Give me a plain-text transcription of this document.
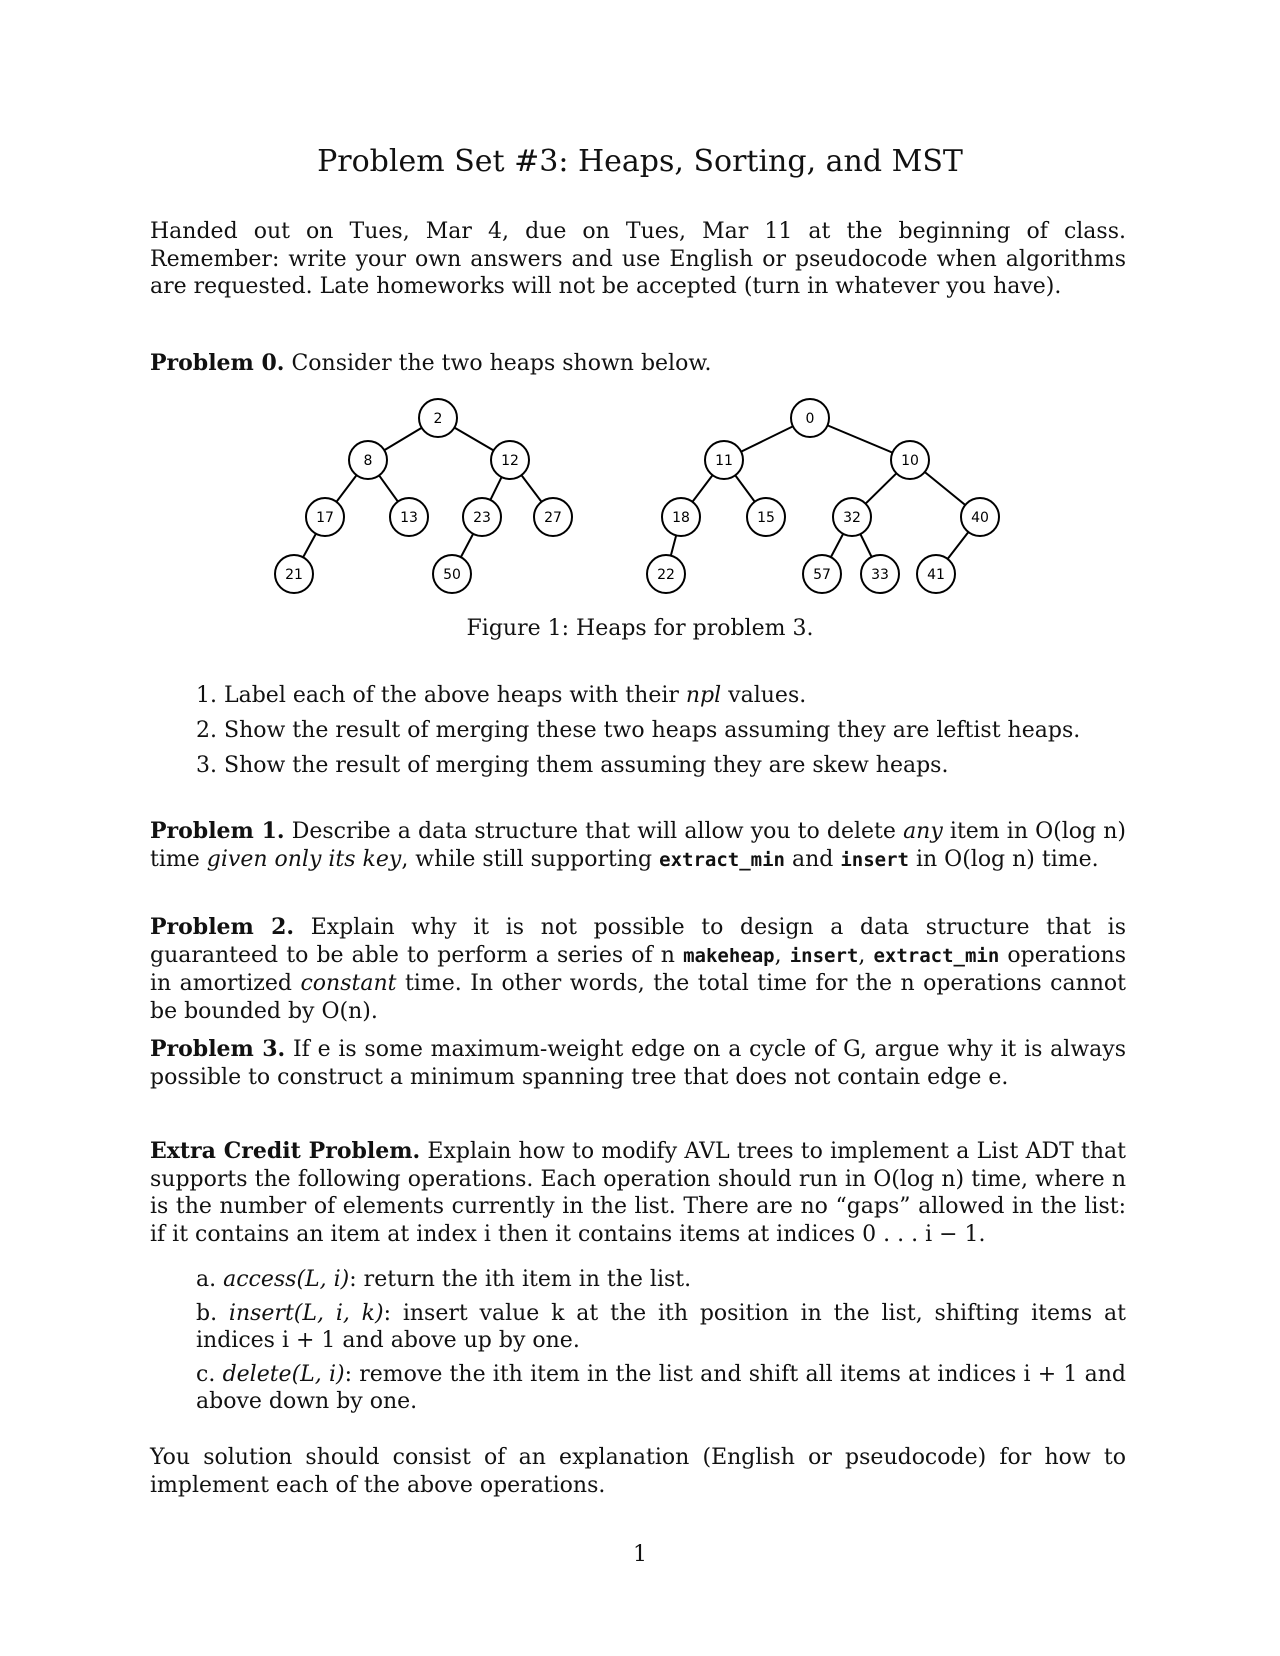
Problem Set #3: Heaps, Sorting, and MST
Handed out on Tues, Mar 4, due on Tues, Mar 11 at the beginning of class. Remember: write your own answers and use English or pseudocode when algorithms are requested. Late homeworks will not be accepted (turn in whatever you have).
Problem 0. Consider the two heaps shown below.
2
8	12
17	13	23	27
21	50
0
11	10
18	15	32	40
22	57	33	41
Figure 1: Heaps for problem 3.
1. Label each of the above heaps with their npl values.
2. Show the result of merging these two heaps assuming they are leftist heaps.
3. Show the result of merging them assuming they are skew heaps.
Problem 1. Describe a data structure that will allow you to delete any item in O(log n) time given only its key, while still supporting extract_min and insert in O(log n) time.
Problem 2. Explain why it is not possible to design a data structure that is guaranteed to be able to perform a series of n makeheap, insert, extract_min operations in amortized constant time. In other words, the total time for the n operations cannot be bounded by O(n).
Problem 3. If e is some maximum-weight edge on a cycle of G, argue why it is always possible to construct a minimum spanning tree that does not contain edge e.
Extra Credit Problem. Explain how to modify AVL trees to implement a List ADT that supports the following operations. Each operation should run in O(log n) time, where n is the number of elements currently in the list. There are no “gaps” allowed in the list: if it contains an item at index i then it contains items at indices 0 . . . i − 1.
a. access(L, i): return the ith item in the list.
b. insert(L, i, k): insert value k at the ith position in the list, shifting items at indices i + 1 and above up by one.
c. delete(L, i): remove the ith item in the list and shift all items at indices i + 1 and above down by one.
You solution should consist of an explanation (English or pseudocode) for how to implement each of the above operations.
1
